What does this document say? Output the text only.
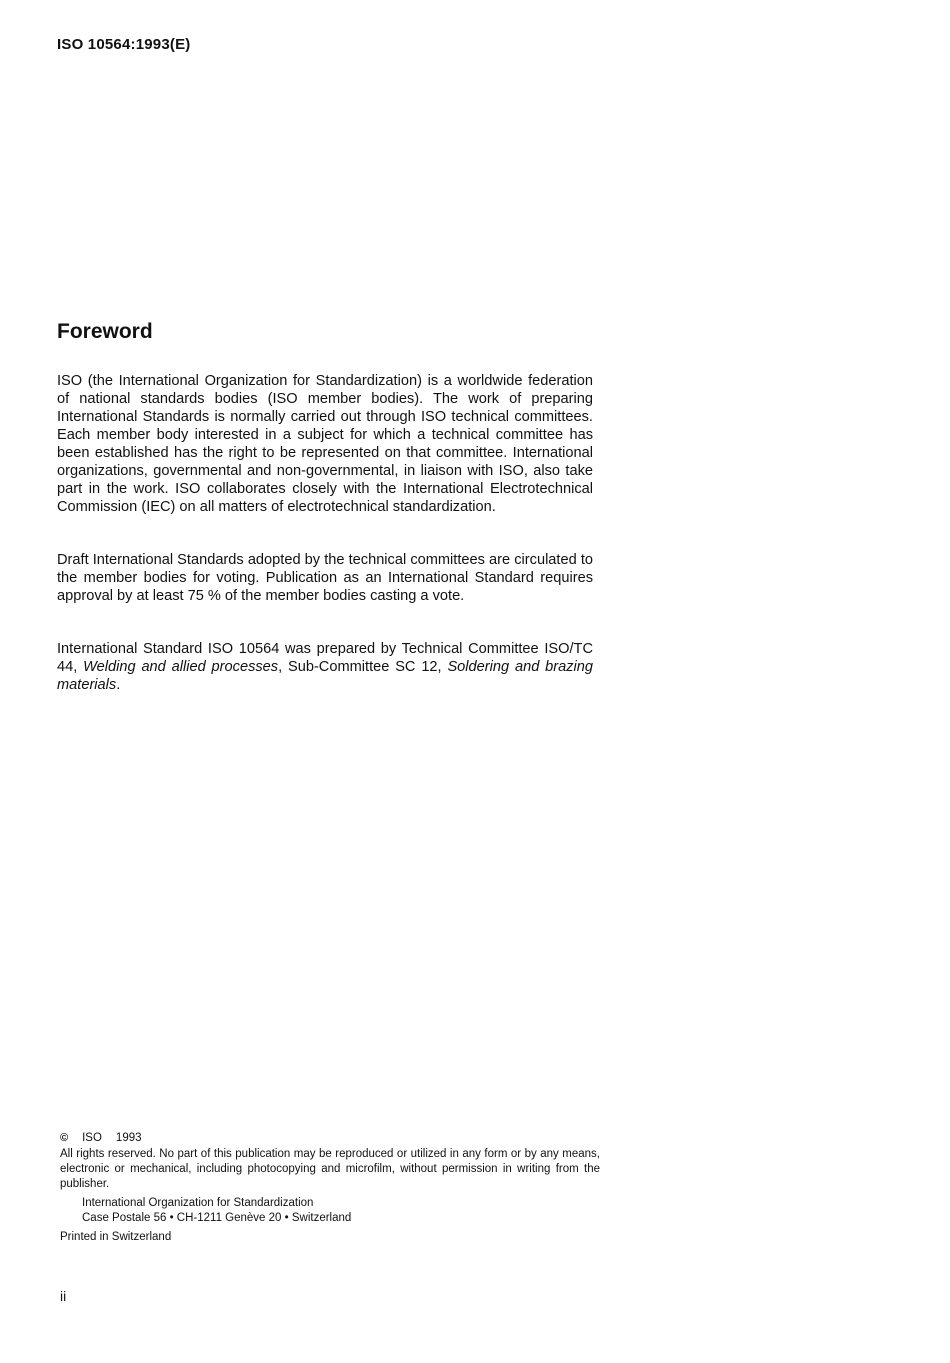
ISO 10564:1993(E)
Foreword

ISO (the International Organization for Standardization) is a worldwide federation of national standards bodies (ISO member bodies). The work of preparing International Standards is normally carried out through ISO technical committees. Each member body interested in a subject for which a technical committee has been established has the right to be represented on that committee. International organizations, governmental and non-governmental, in liaison with ISO, also take part in the work. ISO collaborates closely with the International Electrotechnical Commission (IEC) on all matters of electrotechnical standardization.

Draft International Standards adopted by the technical committees are circulated to the member bodies for voting. Publication as an International Standard requires approval by at least 75 % of the member bodies casting a vote.

International Standard ISO 10564 was prepared by Technical Committee ISO/TC 44, Welding and allied processes, Sub-Committee SC 12, Soldering and brazing materials.

© ISO 1993
All rights reserved. No part of this publication may be reproduced or utilized in any form or by any means, electronic or mechanical, including photocopying and microfilm, without permission in writing from the publisher.
International Organization for Standardization
Case Postale 56 • CH-1211 Genève 20 • Switzerland
Printed in Switzerland
ii
